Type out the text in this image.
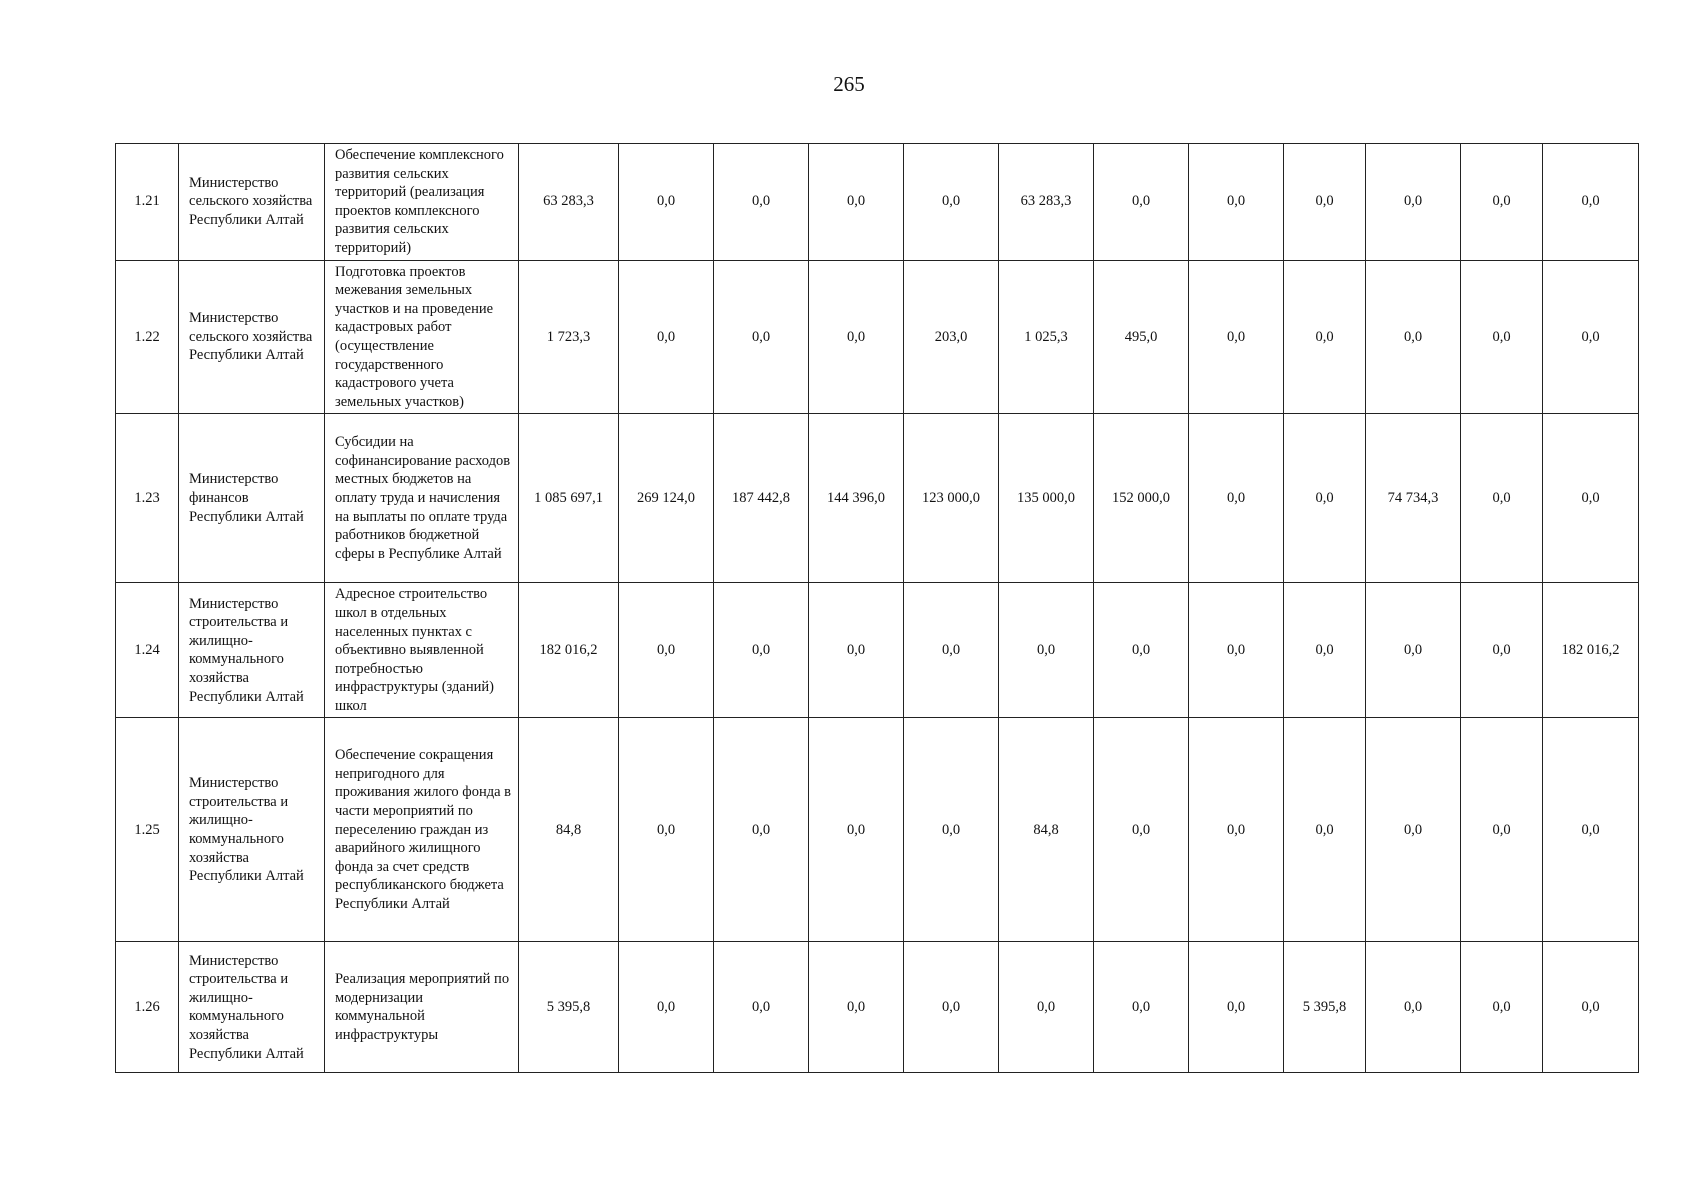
265
1.21	Министерство сельского хозяйства Республики Алтай	Обеспечение комплексного развития сельских территорий (реализация проектов комплексного развития сельских территорий)	63 283,3	0,0	0,0	0,0	0,0	63 283,3	0,0	0,0	0,0	0,0	0,0	0,0
1.22	Министерство сельского хозяйства Республики Алтай	Подготовка проектов межевания земельных участков и на проведение кадастровых работ (осуществление государственного кадастрового учета земельных участков)	1 723,3	0,0	0,0	0,0	203,0	1 025,3	495,0	0,0	0,0	0,0	0,0	0,0
1.23	Министерство финансов Республики Алтай	Субсидии на софинансирование расходов местных бюджетов на оплату труда и начисления на выплаты по оплате труда работников бюджетной сферы в Республике Алтай	1 085 697,1	269 124,0	187 442,8	144 396,0	123 000,0	135 000,0	152 000,0	0,0	0,0	74 734,3	0,0	0,0
1.24	Министерство строительства и жилищно-коммунального хозяйства Республики Алтай	Адресное строительство школ в отдельных населенных пунктах с объективно выявленной потребностью инфраструктуры (зданий) школ	182 016,2	0,0	0,0	0,0	0,0	0,0	0,0	0,0	0,0	0,0	0,0	182 016,2
1.25	Министерство строительства и жилищно-коммунального хозяйства Республики Алтай	Обеспечение сокращения непригодного для проживания жилого фонда в части мероприятий по переселению граждан из аварийного жилищного фонда за счет средств республиканского бюджета Республики Алтай	84,8	0,0	0,0	0,0	0,0	84,8	0,0	0,0	0,0	0,0	0,0	0,0
1.26	Министерство строительства и жилищно-коммунального хозяйства Республики Алтай	Реализация мероприятий по модернизации коммунальной инфраструктуры	5 395,8	0,0	0,0	0,0	0,0	0,0	0,0	0,0	5 395,8	0,0	0,0	0,0
